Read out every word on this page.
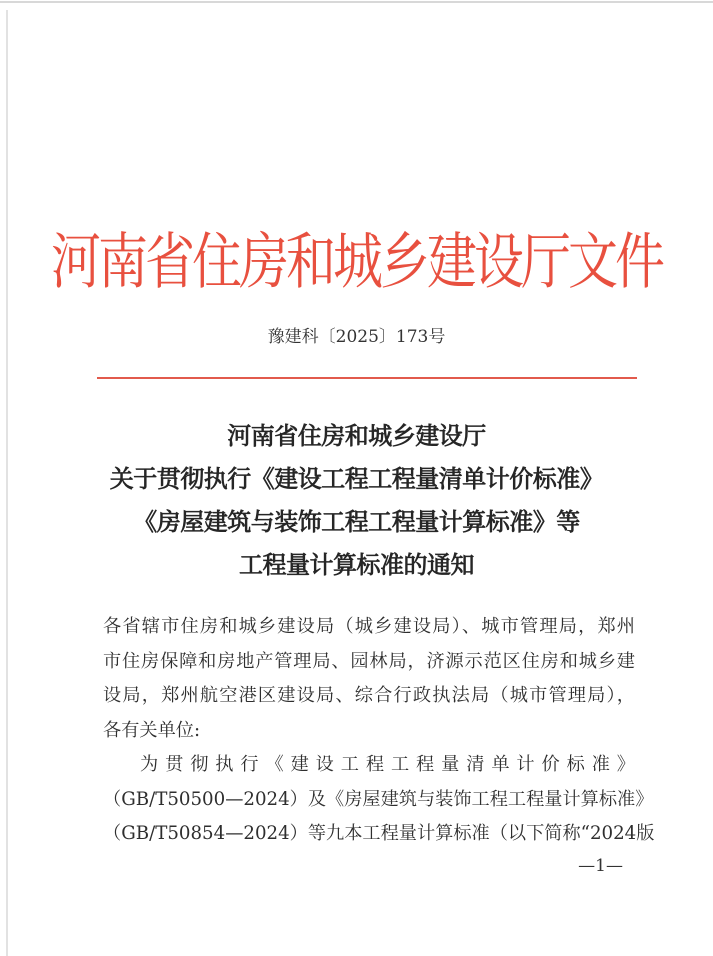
河南省住房和城乡建设厅文件
豫建科〔2025〕173号
河南省住房和城乡建设厅
关于贯彻执行《建设工程工程量清单计价标准》
《房屋建筑与装饰工程工程量计算标准》等
工程量计算标准的通知
各省辖市住房和城乡建设局（城乡建设局）、城市管理局，郑州
市住房保障和房地产管理局、园林局，济源示范区住房和城乡建
设局，郑州航空港区建设局、综合行政执法局（城市管理局），
各有关单位:
为贯彻执行《建设工程工程量清单计价标准》
（GB/T50500—2024）及《房屋建筑与装饰工程工程量计算标准》
（GB/T50854—2024）等九本工程量计算标准（以下简称“2024版
—1—
